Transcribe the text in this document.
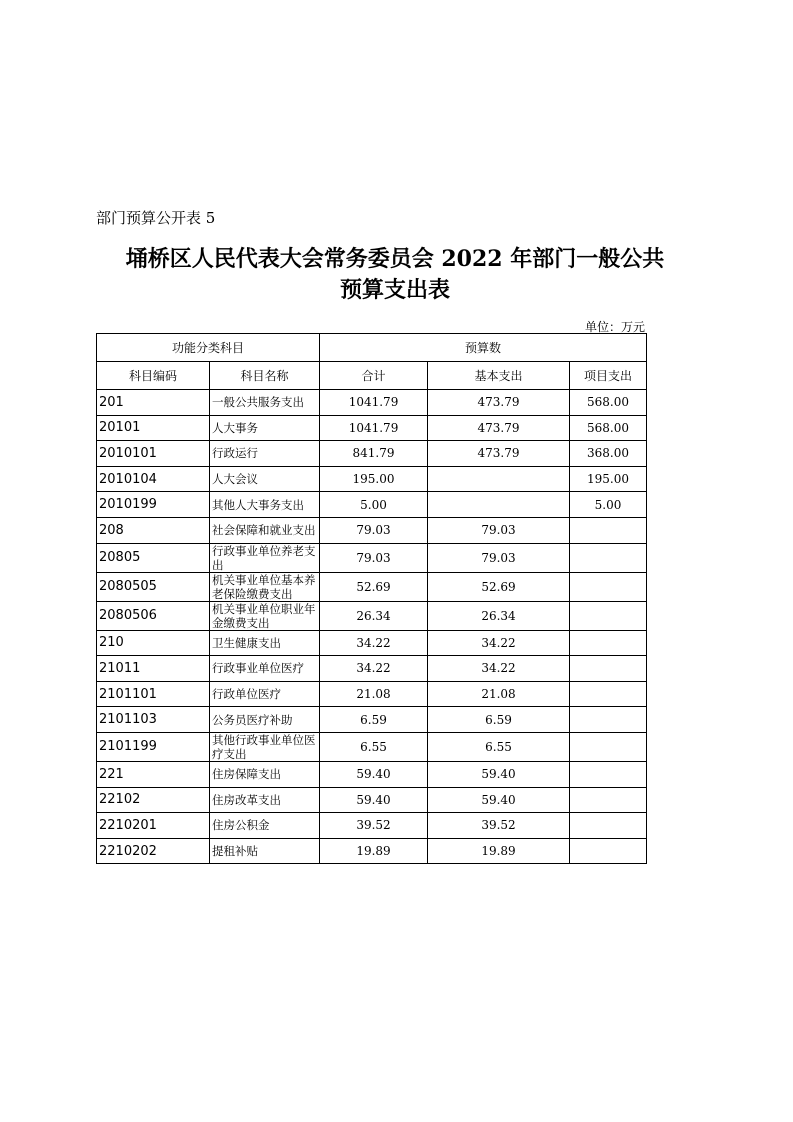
部门预算公开表 5
埇桥区人民代表大会常务委员会 2022 年部门一般公共
预算支出表
单位：万元
功能分类科目		预算数		
科目编码	科目名称	合计	基本支出	项目支出
201	一般公共服务支出	1041.79	473.79	568.00
20101	人大事务	1041.79	473.79	568.00
2010101	行政运行	841.79	473.79	368.00
2010104	人大会议	195.00		195.00
2010199	其他人大事务支出	5.00		5.00
208	社会保障和就业支出	79.03	79.03	
20805	行政事业单位养老支出	79.03	79.03	
2080505	机关事业单位基本养老保险缴费支出	52.69	52.69	
2080506	机关事业单位职业年金缴费支出	26.34	26.34	
210	卫生健康支出	34.22	34.22	
21011	行政事业单位医疗	34.22	34.22	
2101101	行政单位医疗	21.08	21.08	
2101103	公务员医疗补助	6.59	6.59	
2101199	其他行政事业单位医疗支出	6.55	6.55	
221	住房保障支出	59.40	59.40	
22102	住房改革支出	59.40	59.40	
2210201	住房公积金	39.52	39.52	
2210202	提租补贴	19.89	19.89	
